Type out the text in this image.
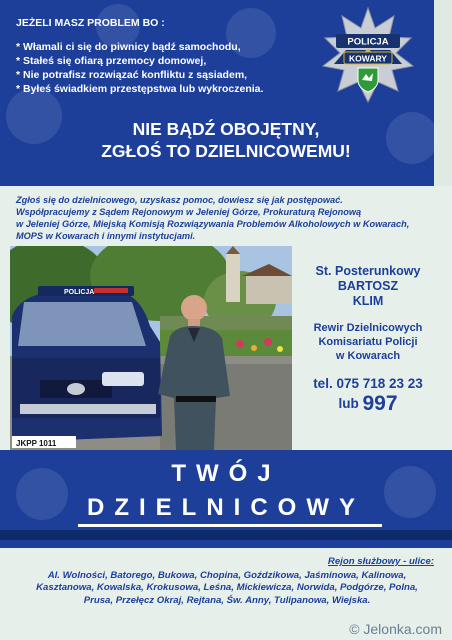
JEŻELI MASZ PROBLEM BO :
* Włamali ci się do piwnicy bądź samochodu,
* Stałeś się ofiarą przemocy domowej,
* Nie potrafisz rozwiązać konfliktu z sąsiadem,
* Byłeś świadkiem przestępstwa lub wykroczenia.
POLICJA
KOWARY
NIE BĄDŹ OBOJĘTNY,
ZGŁOŚ TO DZIELNICOWEMU!
Zgłoś się do dzielnicowego, uzyskasz pomoc, dowiesz się jak postępować.
Współpracujemy z Sądem Rejonowym w Jeleniej Górze, Prokuraturą Rejonową
w Jeleniej Górze, Miejską Komisją Rozwiązywania Problemów Alkoholowych w Kowarach,
MOPS w Kowarach i innymi instytucjami.
POLICJA
JKPP 1011
St. Posterunkowy
BARTOSZ
KLIM
Rewir Dzielnicowych
Komisariatu Policji
w Kowarach
tel. 075 718 23 23
lub 997
TWÓJ
DZIELNICOWY
Rejon służbowy - ulice:
Al. Wolności, Batorego, Bukowa, Chopina, Goździkowa, Jaśminowa, Kalinowa,
Kasztanowa, Kowalska, Krokusowa, Leśna, Mickiewicza, Norwida, Podgórze, Polna,
Prusa, Przełęcz Okraj, Rejtana, Św. Anny, Tulipanowa, Wiejska.
© Jelonka.com
